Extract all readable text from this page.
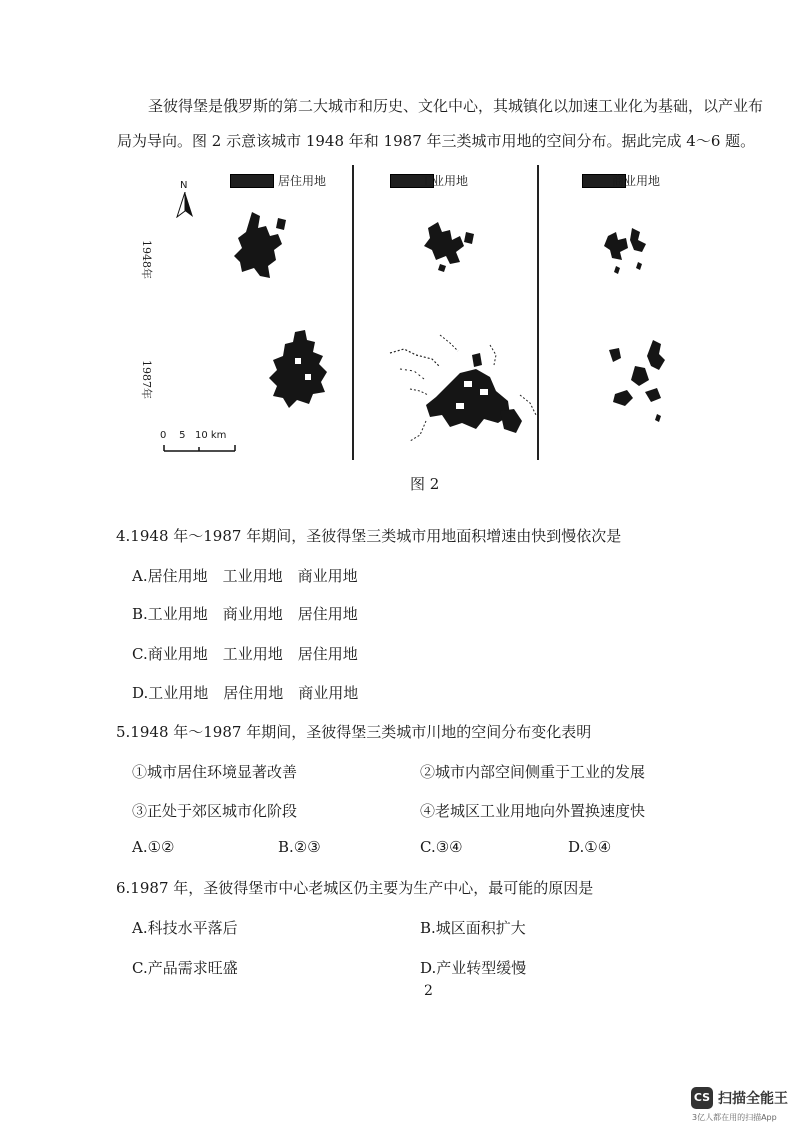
圣彼得堡是俄罗斯的第二大城市和历史、文化中心，其城镇化以加速工业化为基础，以产业布
局为导向。图 2 示意该城市 1948 年和 1987 年三类城市用地的空间分布。据此完成 4～6 题。
居住用地	工业用地	商业用地
N
1948年
1987年
0    5   10 km
图 2
4.1948 年～1987 年期间，圣彼得堡三类城市用地面积增速由快到慢依次是
A.居住用地　工业用地　商业用地
B.工业用地　商业用地　居住用地
C.商业用地　工业用地　居住用地
D.工业用地　居住用地　商业用地
5.1948 年～1987 年期间，圣彼得堡三类城市川地的空间分布变化表明
①城市居住环境显著改善	②城市内部空间侧重于工业的发展
③正处于郊区城市化阶段	④老城区工业用地向外置换速度快
A.①②	B.②③	C.③④	D.①④
6.1987 年，圣彼得堡市中心老城区仍主要为生产中心，最可能的原因是
A.科技水平落后	B.城区面积扩大
C.产品需求旺盛	D.产业转型缓慢
2
CS 扫描全能王
3亿人都在用的扫描App
